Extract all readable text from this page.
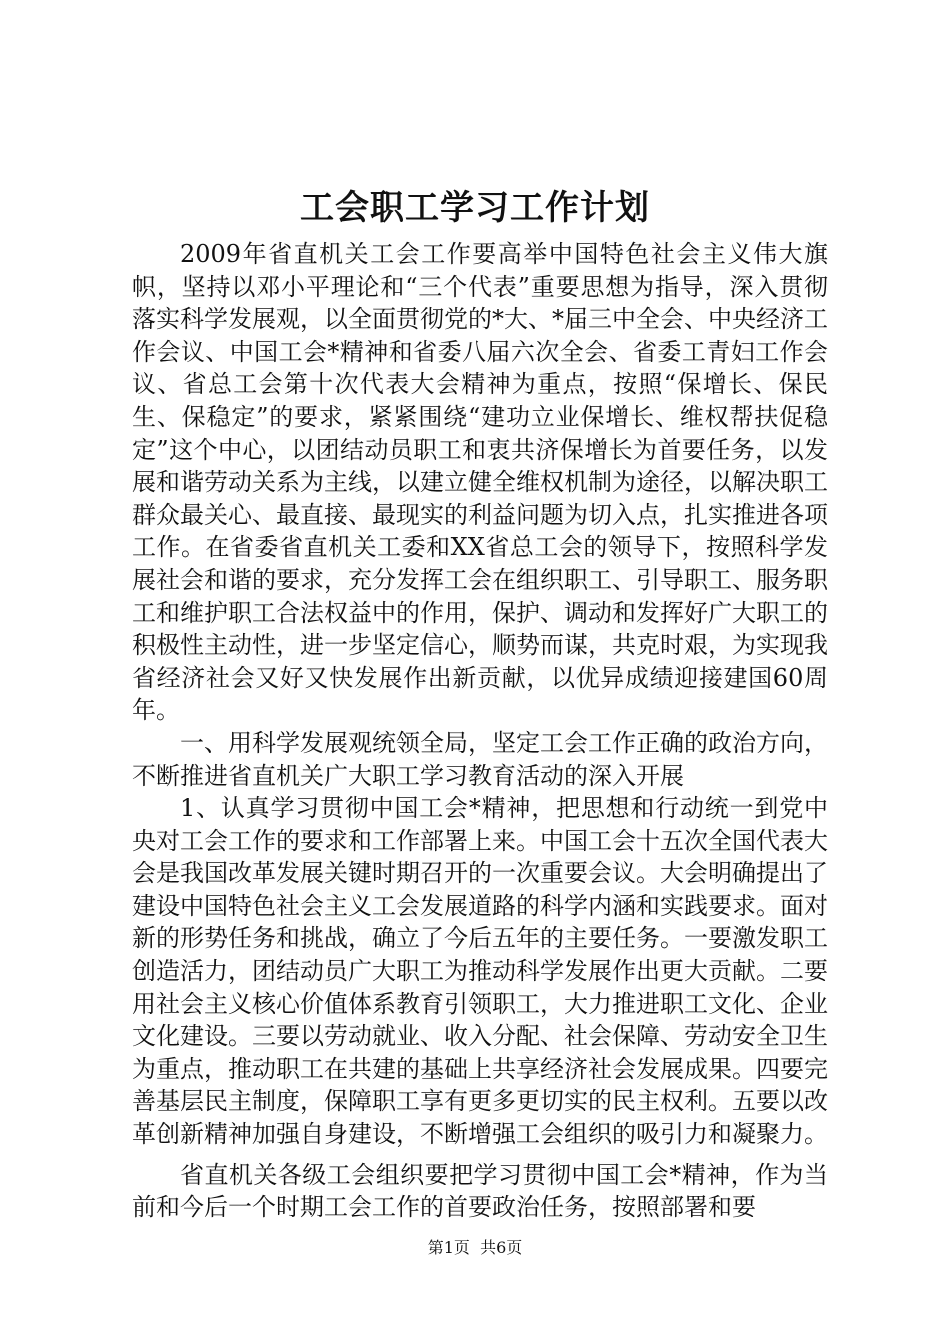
工会职工学习工作计划

2009年省直机关工会工作要高举中国特色社会主义伟大旗帜，坚持以邓小平理论和“三个代表”重要思想为指导，深入贯彻落实科学发展观，以全面贯彻党的*大、*届三中全会、中央经济工作会议、中国工会*精神和省委八届六次全会、省委工青妇工作会议、省总工会第十次代表大会精神为重点，按照“保增长、保民生、保稳定”的要求，紧紧围绕“建功立业保增长、维权帮扶促稳定”这个中心，以团结动员职工和衷共济保增长为首要任务，以发展和谐劳动关系为主线，以建立健全维权机制为途径，以解决职工群众最关心、最直接、最现实的利益问题为切入点，扎实推进各项工作。在省委省直机关工委和XX省总工会的领导下，按照科学发展社会和谐的要求，充分发挥工会在组织职工、引导职工、服务职工和维护职工合法权益中的作用，保护、调动和发挥好广大职工的积极性主动性，进一步坚定信心，顺势而谋，共克时艰，为实现我省经济社会又好又快发展作出新贡献，以优异成绩迎接建国60周年。

一、用科学发展观统领全局，坚定工会工作正确的政治方向，不断推进省直机关广大职工学习教育活动的深入开展

1、认真学习贯彻中国工会*精神，把思想和行动统一到党中央对工会工作的要求和工作部署上来。中国工会十五次全国代表大会是我国改革发展关键时期召开的一次重要会议。大会明确提出了建设中国特色社会主义工会发展道路的科学内涵和实践要求。面对新的形势任务和挑战，确立了今后五年的主要任务。一要激发职工创造活力，团结动员广大职工为推动科学发展作出更大贡献。二要用社会主义核心价值体系教育引领职工，大力推进职工文化、企业文化建设。三要以劳动就业、收入分配、社会保障、劳动安全卫生为重点，推动职工在共建的基础上共享经济社会发展成果。四要完善基层民主制度，保障职工享有更多更切实的民主权利。五要以改革创新精神加强自身建设，不断增强工会组织的吸引力和凝聚力。

省直机关各级工会组织要把学习贯彻中国工会*精神，作为当前和今后一个时期工会工作的首要政治任务，按照部署和要

第1页 共6页
